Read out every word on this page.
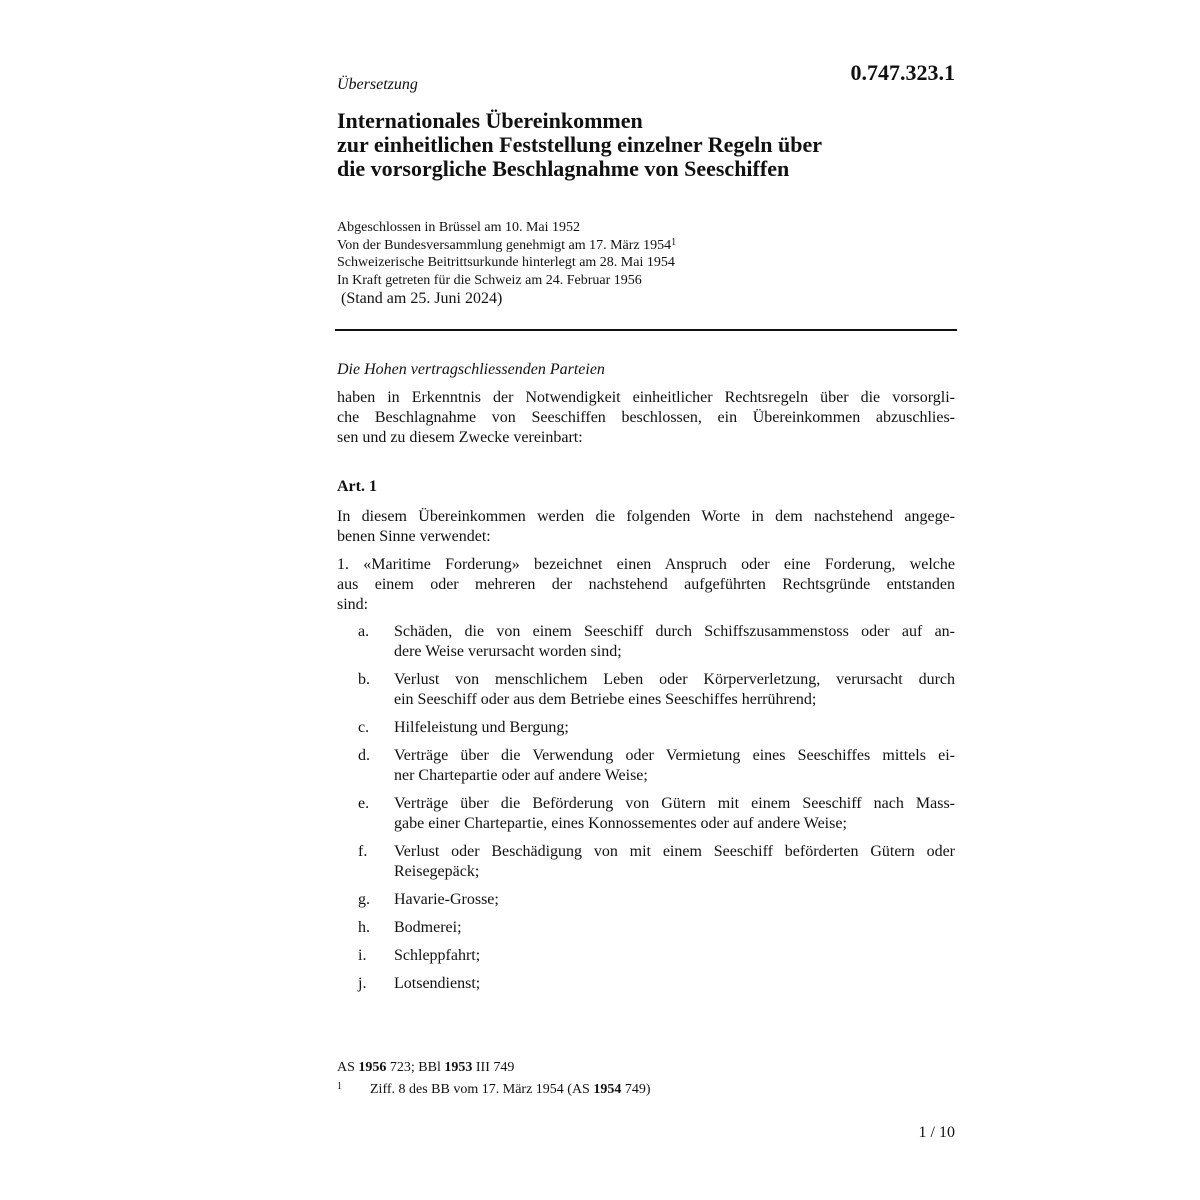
0.747.323.1
Übersetzung
Internationales Übereinkommen
zur einheitlichen Feststellung einzelner Regeln über
die vorsorgliche Beschlagnahme von Seeschiffen
Abgeschlossen in Brüssel am 10. Mai 1952
Von der Bundesversammlung genehmigt am 17. März 1954$^1$
Schweizerische Beitrittsurkunde hinterlegt am 28. Mai 1954
In Kraft getreten für die Schweiz am 24. Februar 1956
(Stand am 25. Juni 2024)
Die Hohen vertragschliessenden Parteien
haben in Erkenntnis der Notwendigkeit einheitlicher Rechtsregeln über die vorsorgli-
che Beschlagnahme von Seeschiffen beschlossen, ein Übereinkommen abzuschlies-
sen und zu diesem Zwecke vereinbart:
Art. 1
In diesem Übereinkommen werden die folgenden Worte in dem nachstehend angege-
benen Sinne verwendet:
1. «Maritime Forderung» bezeichnet einen Anspruch oder eine Forderung, welche
aus einem oder mehreren der nachstehend aufgeführten Rechtsgründe entstanden
sind:
a. Schäden, die von einem Seeschiff durch Schiffszusammenstoss oder auf an-
dere Weise verursacht worden sind;
b. Verlust von menschlichem Leben oder Körperverletzung, verursacht durch
ein Seeschiff oder aus dem Betriebe eines Seeschiffes herrührend;
c. Hilfeleistung und Bergung;
d. Verträge über die Verwendung oder Vermietung eines Seeschiffes mittels ei-
ner Chartepartie oder auf andere Weise;
e. Verträge über die Beförderung von Gütern mit einem Seeschiff nach Mass-
gabe einer Chartepartie, eines Konnossementes oder auf andere Weise;
f. Verlust oder Beschädigung von mit einem Seeschiff beförderten Gütern oder
Reisegepäck;
g. Havarie-Grosse;
h. Bodmerei;
i. Schleppfahrt;
j. Lotsendienst;
AS 1956 723; BBl 1953 III 749
1 Ziff. 8 des BB vom 17. März 1954 (AS 1954 749)
1 / 10
